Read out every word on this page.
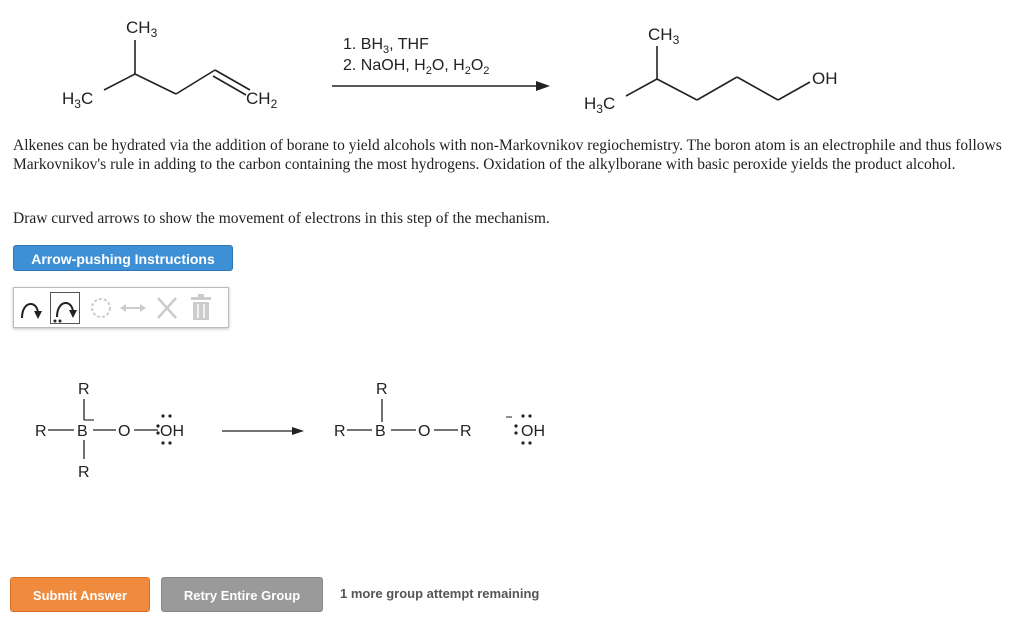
$CH_3$
$H_3C$	$CH_2$
1. $BH_3$, THF
2. NaOH, $H_2O$, $H_2O_2$
$CH_3$
$H_3C$
OH

Alkenes can be hydrated via the addition of borane to yield alcohols with non-Markovnikov regiochemistry. The boron atom is an electrophile and thus follows Markovnikov's rule in adding to the carbon containing the most hydrogens. Oxidation of the alkylborane with basic peroxide yields the product alcohol.

Draw curved arrows to show the movement of electrons in this step of the mechanism.

Arrow-pushing Instructions
R
R B O OH
R
R
R B O R	OH
Submit Answer	Retry Entire Group	1 more group attempt remaining
